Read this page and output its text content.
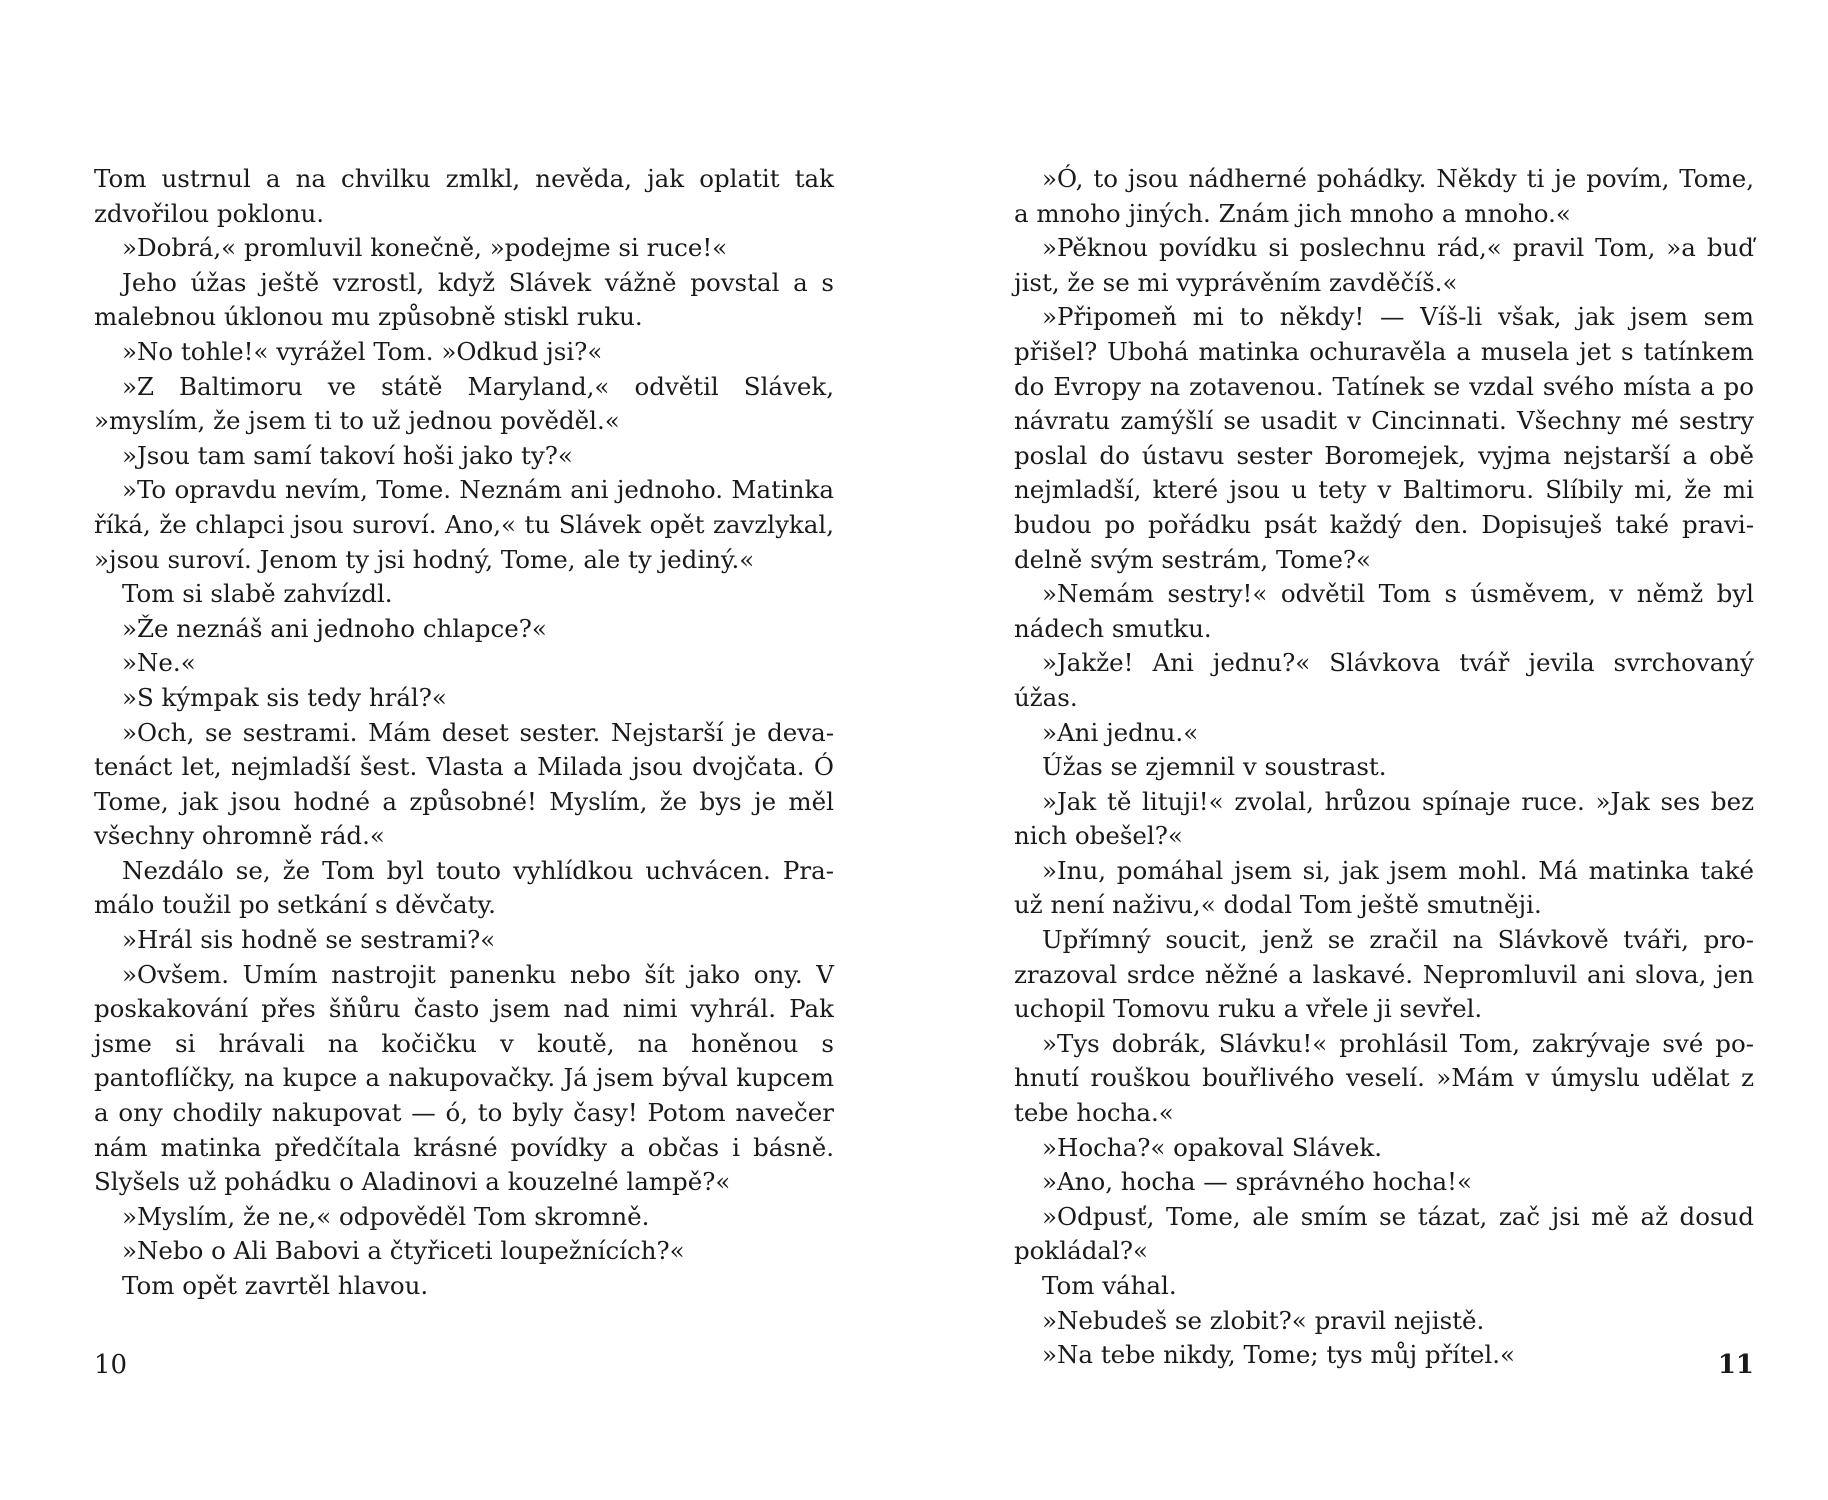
Tom ustrnul a na chvilku zmlkl, nevěda, jak oplatit tak zdvořilou poklonu.

»Dobrá,« promluvil konečně, »podejme si ruce!«

Jeho úžas ještě vzrostl, když Slávek vážně povstal a s malebnou úklonou mu způsobně stiskl ruku.

»No tohle!« vyrážel Tom. »Odkud jsi?«

»Z Baltimoru ve státě Maryland,« odvětil Slávek, »myslím, že jsem ti to už jednou pověděl.«

»Jsou tam samí takoví hoši jako ty?«

»To opravdu nevím, Tome. Neznám ani jednoho. Matinka říká, že chlapci jsou suroví. Ano,« tu Slávek opět zavzlykal, »jsou suroví. Jenom ty jsi hodný, Tome, ale ty jediný.«

Tom si slabě zahvízdl.

»Že neznáš ani jednoho chlapce?«

»Ne.«

»S kýmpak sis tedy hrál?«

»Och, se sestrami. Mám deset sester. Nejstarší je devatenáct let, nejmladší šest. Vlasta a Milada jsou dvojčata. Ó Tome, jak jsou hodné a způsobné! Myslím, že bys je měl všechny ohromně rád.«

Nezdálo se, že Tom byl touto vyhlídkou uchvácen. Pramálo toužil po setkání s děvčaty.

»Hrál sis hodně se sestrami?«

»Ovšem. Umím nastrojit panenku nebo šít jako ony. V poskakování přes šňůru často jsem nad nimi vyhrál. Pak jsme si hrávali na kočičku v koutě, na honěnou s pantoflíčky, na kupce a nakupovačky. Já jsem býval kupcem a ony chodily nakupovat — ó, to byly časy! Potom navečer nám matinka předčítala krásné povídky a občas i básně. Slyšels už pohádku o Aladinovi a kouzelné lampě?«

»Myslím, že ne,« odpověděl Tom skromně.

»Nebo o Ali Babovi a čtyřiceti loupežnících?«

Tom opět zavrtěl hlavou.

»Ó, to jsou nádherné pohádky. Někdy ti je povím, Tome, a mnoho jiných. Znám jich mnoho a mnoho.«

»Pěknou povídku si poslechnu rád,« pravil Tom, »a buď jist, že se mi vyprávěním zavděčíš.«

»Připomeň mi to někdy! — Víš-li však, jak jsem sem přišel? Ubohá matinka ochuravěla a musela jet s tatínkem do Evropy na zotavenou. Tatínek se vzdal svého místa a po návratu zamýšlí se usadit v Cincinnati. Všechny mé sestry poslal do ústavu sester Boromejek, vyjma nejstarší a obě nejmladší, které jsou u tety v Baltimoru. Slíbily mi, že mi budou po pořádku psát každý den. Dopisuješ také pravidelně svým sestrám, Tome?«

»Nemám sestry!« odvětil Tom s úsměvem, v němž byl nádech smutku.

»Jakže! Ani jednu?« Slávkova tvář jevila svrchovaný úžas.

»Ani jednu.«

Úžas se zjemnil v soustrast.

»Jak tě lituji!« zvolal, hrůzou spínaje ruce. »Jak ses bez nich obešel?«

»Inu, pomáhal jsem si, jak jsem mohl. Má matinka také už není naživu,« dodal Tom ještě smutněji.

Upřímný soucit, jenž se zračil na Slávkově tváři, prozrazoval srdce něžné a laskavé. Nepromluvil ani slova, jen uchopil Tomovu ruku a vřele ji sevřel.

»Tys dobrák, Slávku!« prohlásil Tom, zakrývaje své pohnutí rouškou bouřlivého veselí. »Mám v úmyslu udělat z tebe hocha.«

»Hocha?« opakoval Slávek.

»Ano, hocha — správného hocha!«

»Odpusť, Tome, ale smím se tázat, zač jsi mě až dosud pokládal?«

Tom váhal.

»Nebudeš se zlobit?« pravil nejistě.

»Na tebe nikdy, Tome; tys můj přítel.«

10	11
